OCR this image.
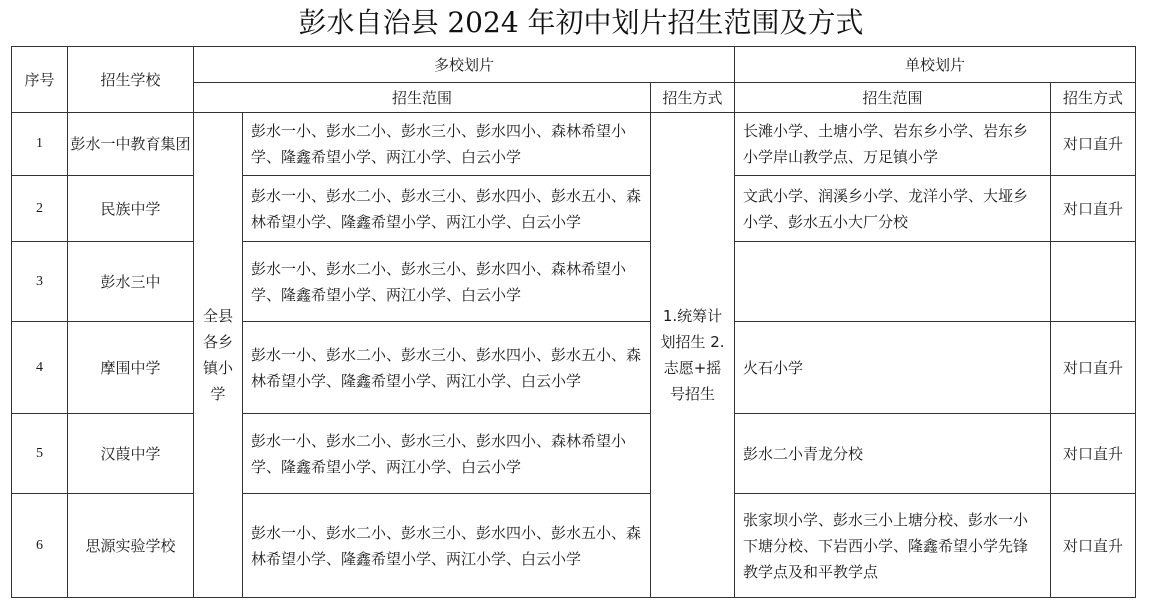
彭水自治县 2024 年初中划片招生范围及方式
序号	招生学校	多校划片			单校划片	
		招生范围		招生方式	招生范围	招生方式
1	彭水一中教育集团	全县各乡镇小学	彭水一小、彭水二小、彭水三小、彭水四小、森林希望小学、隆鑫希望小学、两江小学、白云小学	1.统筹计划招生 2.志愿+摇号招生	长滩小学、土塘小学、岩东乡小学、岩东乡小学岸山教学点、万足镇小学	对口直升
2	民族中学		彭水一小、彭水二小、彭水三小、彭水四小、彭水五小、森林希望小学、隆鑫希望小学、两江小学、白云小学		文武小学、润溪乡小学、龙洋小学、大垭乡小学、彭水五小大厂分校	对口直升
3	彭水三中		彭水一小、彭水二小、彭水三小、彭水四小、森林希望小学、隆鑫希望小学、两江小学、白云小学			
4	摩围中学		彭水一小、彭水二小、彭水三小、彭水四小、彭水五小、森林希望小学、隆鑫希望小学、两江小学、白云小学		火石小学	对口直升
5	汉葭中学		彭水一小、彭水二小、彭水三小、彭水四小、森林希望小学、隆鑫希望小学、两江小学、白云小学		彭水二小青龙分校	对口直升
6	思源实验学校		彭水一小、彭水二小、彭水三小、彭水四小、彭水五小、森林希望小学、隆鑫希望小学、两江小学、白云小学		张家坝小学、彭水三小上塘分校、彭水一小下塘分校、下岩西小学、隆鑫希望小学先锋教学点及和平教学点	对口直升
